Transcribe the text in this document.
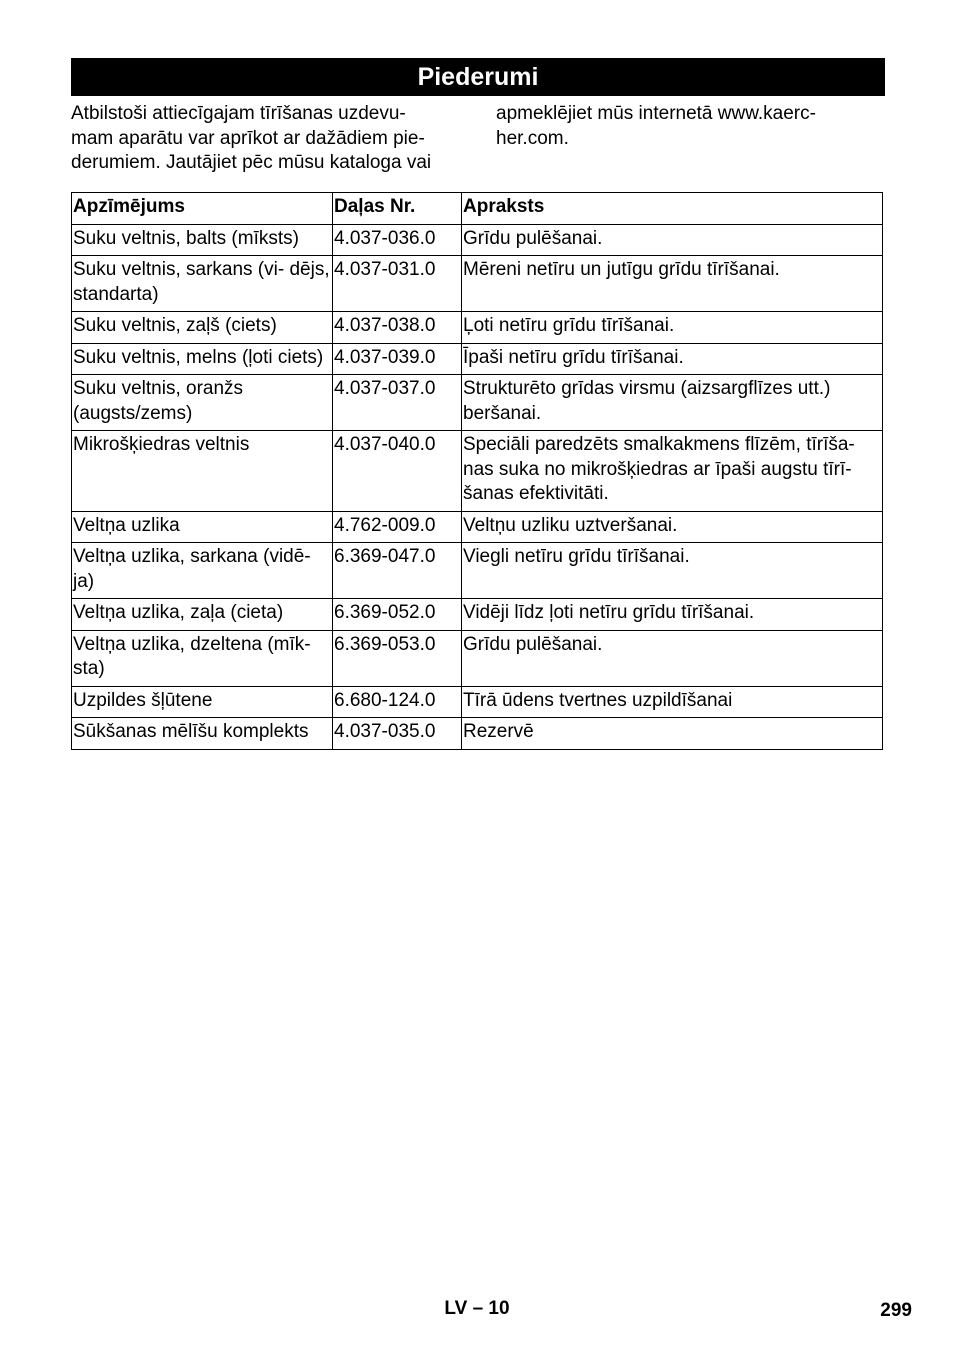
Piederumi

Atbilstoši attiecīgajam tīrīšanas uzdevu-

mam aparātu var aprīkot ar dažādiem pie-

derumiem. Jautājiet pēc mūsu kataloga vai

apmeklējiet mūs internetā www.kaerc-

her.com.

Apzīmējums	Daļas Nr.	Apraksts
Suku veltnis, balts (mīksts)	4.037-036.0	Grīdu pulēšanai.
Suku veltnis, sarkans (vi- dējs, standarta)	4.037-031.0	Mēreni netīru un jutīgu grīdu tīrīšanai.
Suku veltnis, zaļš (ciets)	4.037-038.0	Ļoti netīru grīdu tīrīšanai.
Suku veltnis, melns (ļoti ciets)	4.037-039.0	Īpaši netīru grīdu tīrīšanai.
Suku veltnis, oranžs (augsts/zems)	4.037-037.0	Strukturēto grīdas virsmu (aizsargflīzes utt.) beršanai.
Mikrošķiedras veltnis	4.037-040.0	Speciāli paredzēts smalkakmens flīzēm, tīrīša- nas suka no mikrošķiedras ar īpaši augstu tīrī- šanas efektivitāti.
Veltņa uzlika	4.762-009.0	Veltņu uzliku uztveršanai.
Veltņa uzlika, sarkana (vidē- ja)	6.369-047.0	Viegli netīru grīdu tīrīšanai.
Veltņa uzlika, zaļa (cieta)	6.369-052.0	Vidēji līdz ļoti netīru grīdu tīrīšanai.
Veltņa uzlika, dzeltena (mīk- sta)	6.369-053.0	Grīdu pulēšanai.
Uzpildes šļūtene	6.680-124.0	Tīrā ūdens tvertnes uzpildīšanai
Sūkšanas mēlīšu komplekts	4.037-035.0	Rezervē
LV – 10	299
